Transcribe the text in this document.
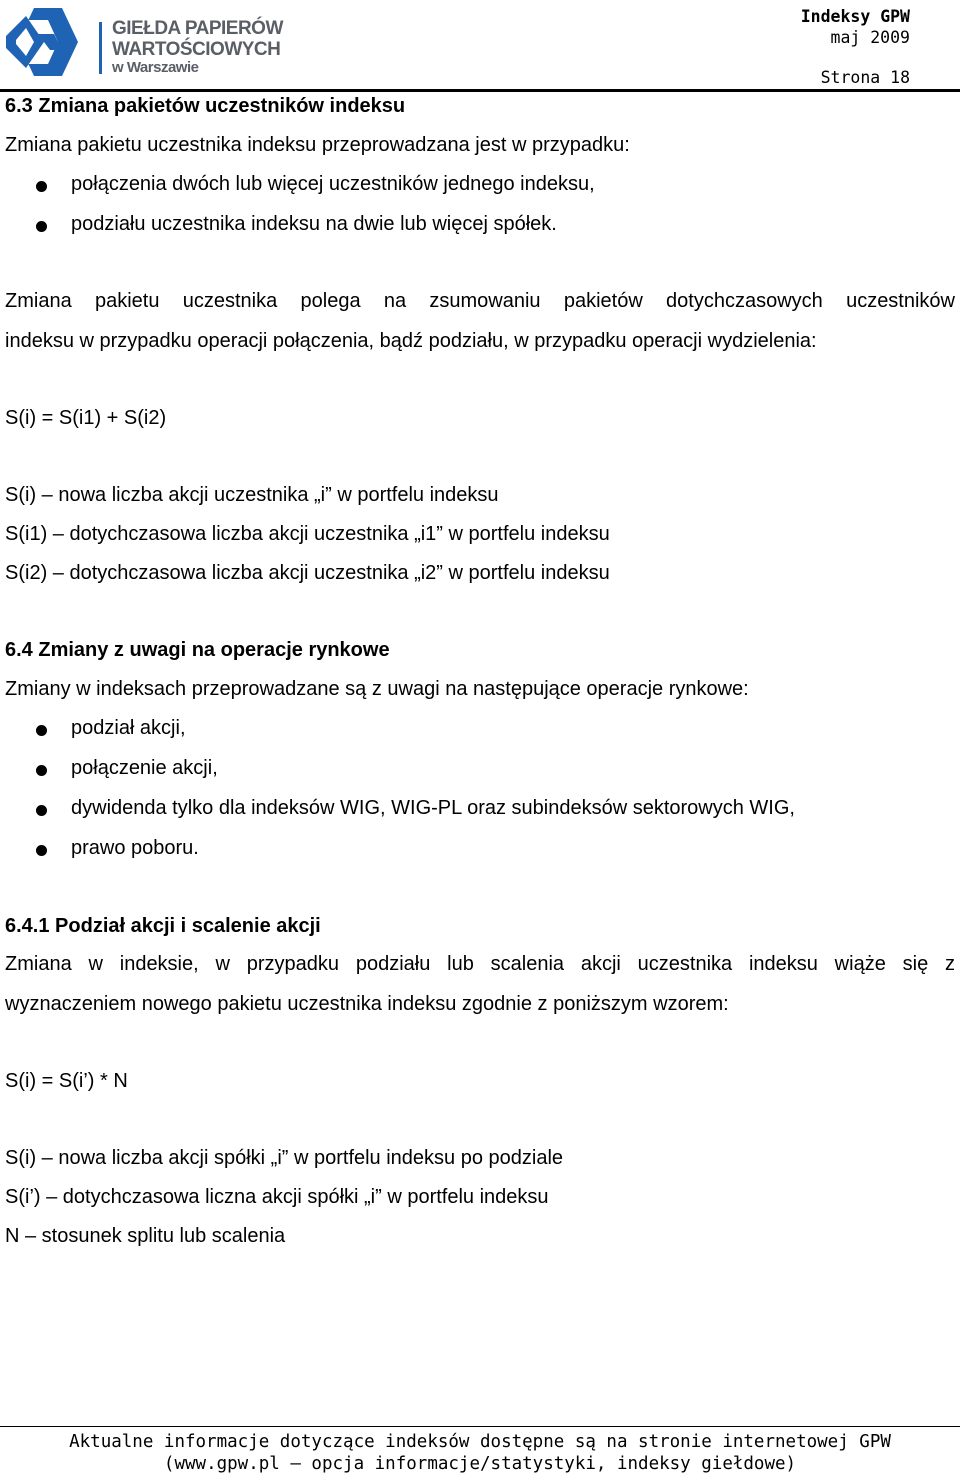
GIEŁDA PAPIERÓW
WARTOŚCIOWYCH
w Warszawie
Indeksy GPW
maj 2009
Strona 18
6.3 Zmiana pakietów uczestników indeksu
Zmiana pakietu uczestnika indeksu przeprowadzana jest w przypadku:
połączenia dwóch lub więcej uczestników jednego indeksu,
podziału uczestnika indeksu na dwie lub więcej spółek.
Zmiana pakietu uczestnika polega na zsumowaniu pakietów dotychczasowych uczestników
indeksu w przypadku operacji połączenia, bądź podziału, w przypadku operacji wydzielenia:
S(i) = S(i1) + S(i2)
S(i) – nowa liczba akcji uczestnika „i” w portfelu indeksu
S(i1) – dotychczasowa liczba akcji uczestnika „i1” w portfelu indeksu
S(i2) – dotychczasowa liczba akcji uczestnika „i2” w portfelu indeksu
6.4 Zmiany z uwagi na operacje rynkowe
Zmiany w indeksach przeprowadzane są z uwagi na następujące operacje rynkowe:
podział akcji,
połączenie akcji,
dywidenda tylko dla indeksów WIG, WIG-PL oraz subindeksów sektorowych WIG,
prawo poboru.
6.4.1 Podział akcji i scalenie akcji
Zmiana w indeksie, w przypadku podziału lub scalenia akcji uczestnika indeksu wiąże się z
wyznaczeniem nowego pakietu uczestnika indeksu zgodnie z poniższym wzorem:
S(i) = S(i’) * N
S(i) – nowa liczba akcji spółki „i” w portfelu indeksu po podziale
S(i’) – dotychczasowa liczna akcji spółki „i” w portfelu indeksu
N – stosunek splitu lub scalenia
Aktualne informacje dotyczące indeksów dostępne są na stronie internetowej GPW
(www.gpw.pl – opcja informacje/statystyki, indeksy giełdowe)
